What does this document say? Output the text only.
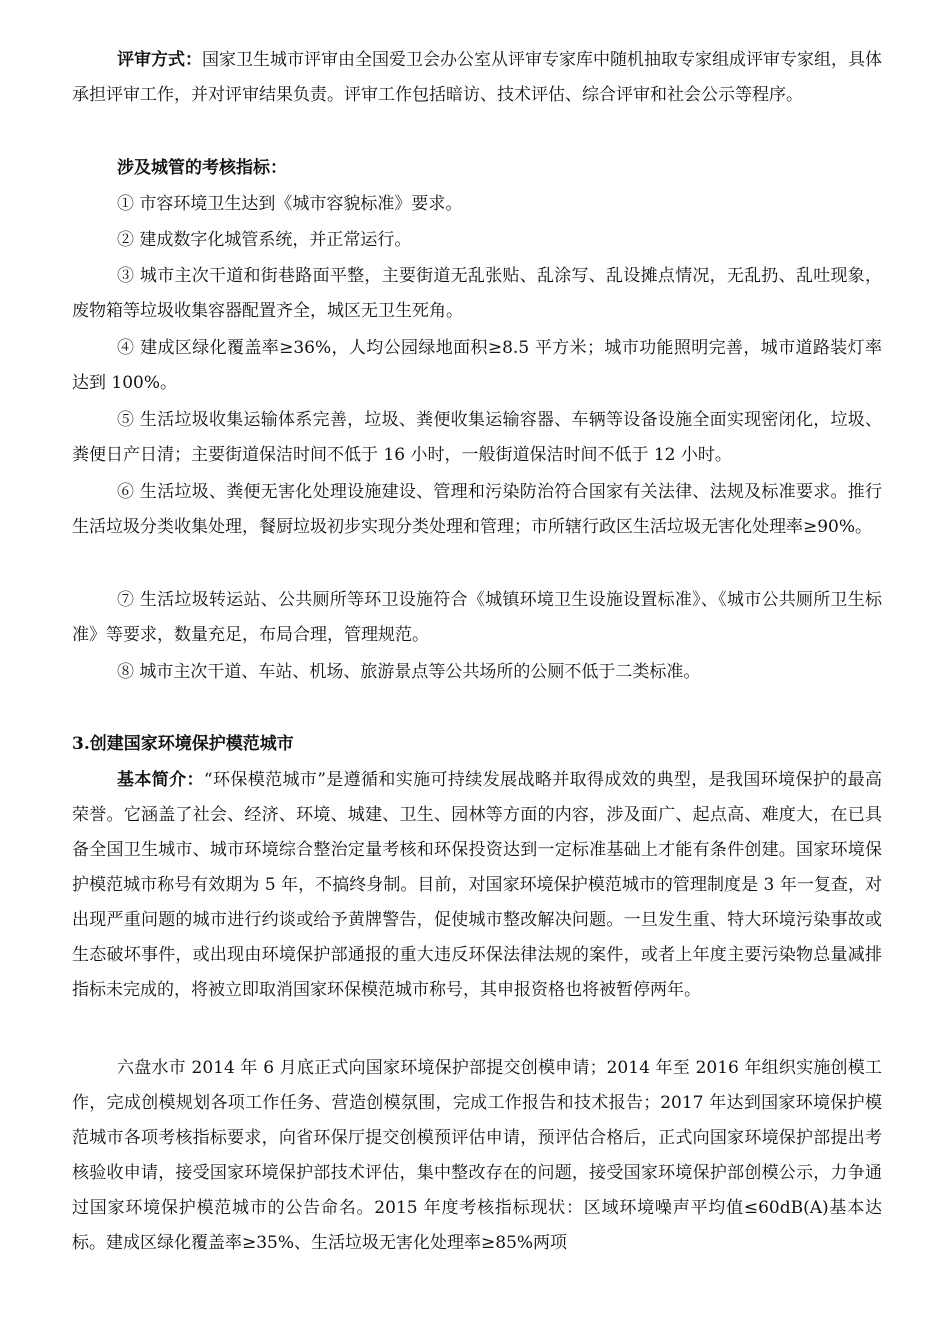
评审方式：国家卫生城市评审由全国爱卫会办公室从评审专家库中随机抽取专家组成评审专家组，具体承担评审工作，并对评审结果负责。评审工作包括暗访、技术评估、综合评审和社会公示等程序。

涉及城管的考核指标：

① 市容环境卫生达到《城市容貌标准》要求。

② 建成数字化城管系统，并正常运行。

③ 城市主次干道和街巷路面平整，主要街道无乱张贴、乱涂写、乱设摊点情况，无乱扔、乱吐现象，废物箱等垃圾收集容器配置齐全，城区无卫生死角。

④ 建成区绿化覆盖率≥36%，人均公园绿地面积≥8.5 平方米；城市功能照明完善，城市道路装灯率达到 100%。

⑤ 生活垃圾收集运输体系完善，垃圾、粪便收集运输容器、车辆等设备设施全面实现密闭化，垃圾、粪便日产日清；主要街道保洁时间不低于 16 小时，一般街道保洁时间不低于 12 小时。

⑥ 生活垃圾、粪便无害化处理设施建设、管理和污染防治符合国家有关法律、法规及标准要求。推行生活垃圾分类收集处理，餐厨垃圾初步实现分类处理和管理；市所辖行政区生活垃圾无害化处理率≥90%。

⑦ 生活垃圾转运站、公共厕所等环卫设施符合《城镇环境卫生设施设置标准》、《城市公共厕所卫生标准》等要求，数量充足，布局合理，管理规范。

⑧ 城市主次干道、车站、机场、旅游景点等公共场所的公厕不低于二类标准。

3.创建国家环境保护模范城市

基本简介：“环保模范城市”是遵循和实施可持续发展战略并取得成效的典型，是我国环境保护的最高荣誉。它涵盖了社会、经济、环境、城建、卫生、园林等方面的内容，涉及面广、起点高、难度大，在已具备全国卫生城市、城市环境综合整治定量考核和环保投资达到一定标准基础上才能有条件创建。国家环境保护模范城市称号有效期为 5 年，不搞终身制。目前，对国家环境保护模范城市的管理制度是 3 年一复查，对出现严重问题的城市进行约谈或给予黄牌警告，促使城市整改解决问题。一旦发生重、特大环境污染事故或生态破坏事件，或出现由环境保护部通报的重大违反环保法律法规的案件，或者上年度主要污染物总量减排指标未完成的，将被立即取消国家环保模范城市称号，其申报资格也将被暂停两年。

六盘水市 2014 年 6 月底正式向国家环境保护部提交创模申请；2014 年至 2016 年组织实施创模工作，完成创模规划各项工作任务、营造创模氛围，完成工作报告和技术报告；2017 年达到国家环境保护模范城市各项考核指标要求，向省环保厅提交创模预评估申请，预评估合格后，正式向国家环境保护部提出考核验收申请，接受国家环境保护部技术评估，集中整改存在的问题，接受国家环境保护部创模公示，力争通过国家环境保护模范城市的公告命名。2015 年度考核指标现状：区域环境噪声平均值≤60dB(A)基本达标。建成区绿化覆盖率≥35%、生活垃圾无害化处理率≥85%两项
